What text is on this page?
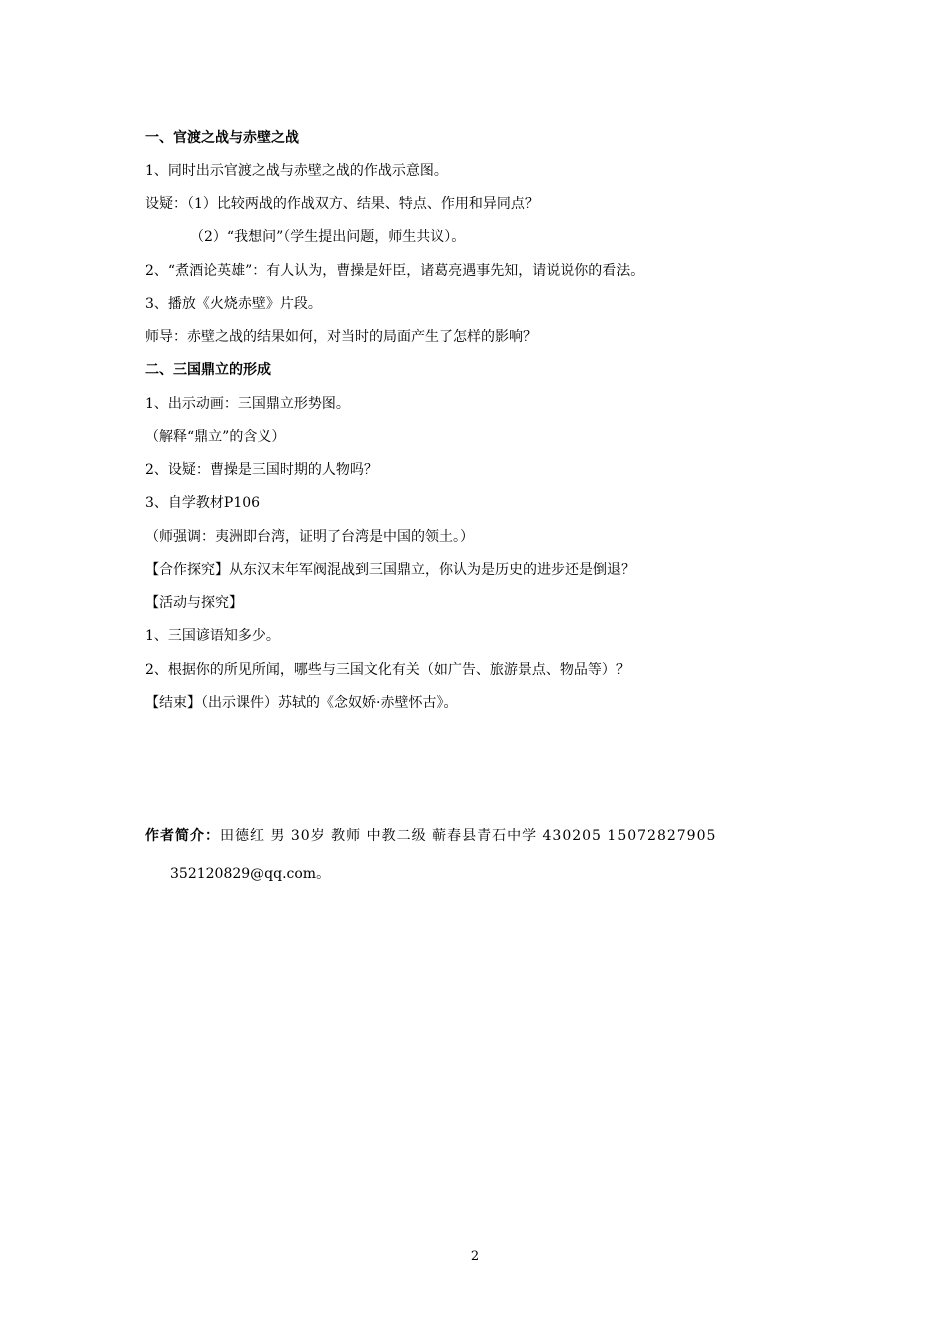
一、官渡之战与赤壁之战
1、同时出示官渡之战与赤壁之战的作战示意图。
设疑：（1）比较两战的作战双方、结果、特点、作用和异同点？
（2）“我想问”（学生提出问题，师生共议）。
2、“煮酒论英雄”：有人认为，曹操是奸臣，诸葛亮遇事先知，请说说你的看法。
3、播放《火烧赤壁》片段。
师导：赤壁之战的结果如何，对当时的局面产生了怎样的影响？
二、三国鼎立的形成
1、出示动画：三国鼎立形势图。
（解释“鼎立”的含义）
2、设疑：曹操是三国时期的人物吗？
3、自学教材P106
（师强调：夷洲即台湾，证明了台湾是中国的领土。）
【合作探究】从东汉末年军阀混战到三国鼎立，你认为是历史的进步还是倒退？
【活动与探究】
1、三国谚语知多少。
2、根据你的所见所闻，哪些与三国文化有关（如广告、旅游景点、物品等）？
【结束】（出示课件）苏轼的《念奴娇·赤壁怀古》。
作者简介：田德红 男 30岁 教师 中教二级 蕲春县青石中学 430205 15072827905
352120829@qq.com。
2
